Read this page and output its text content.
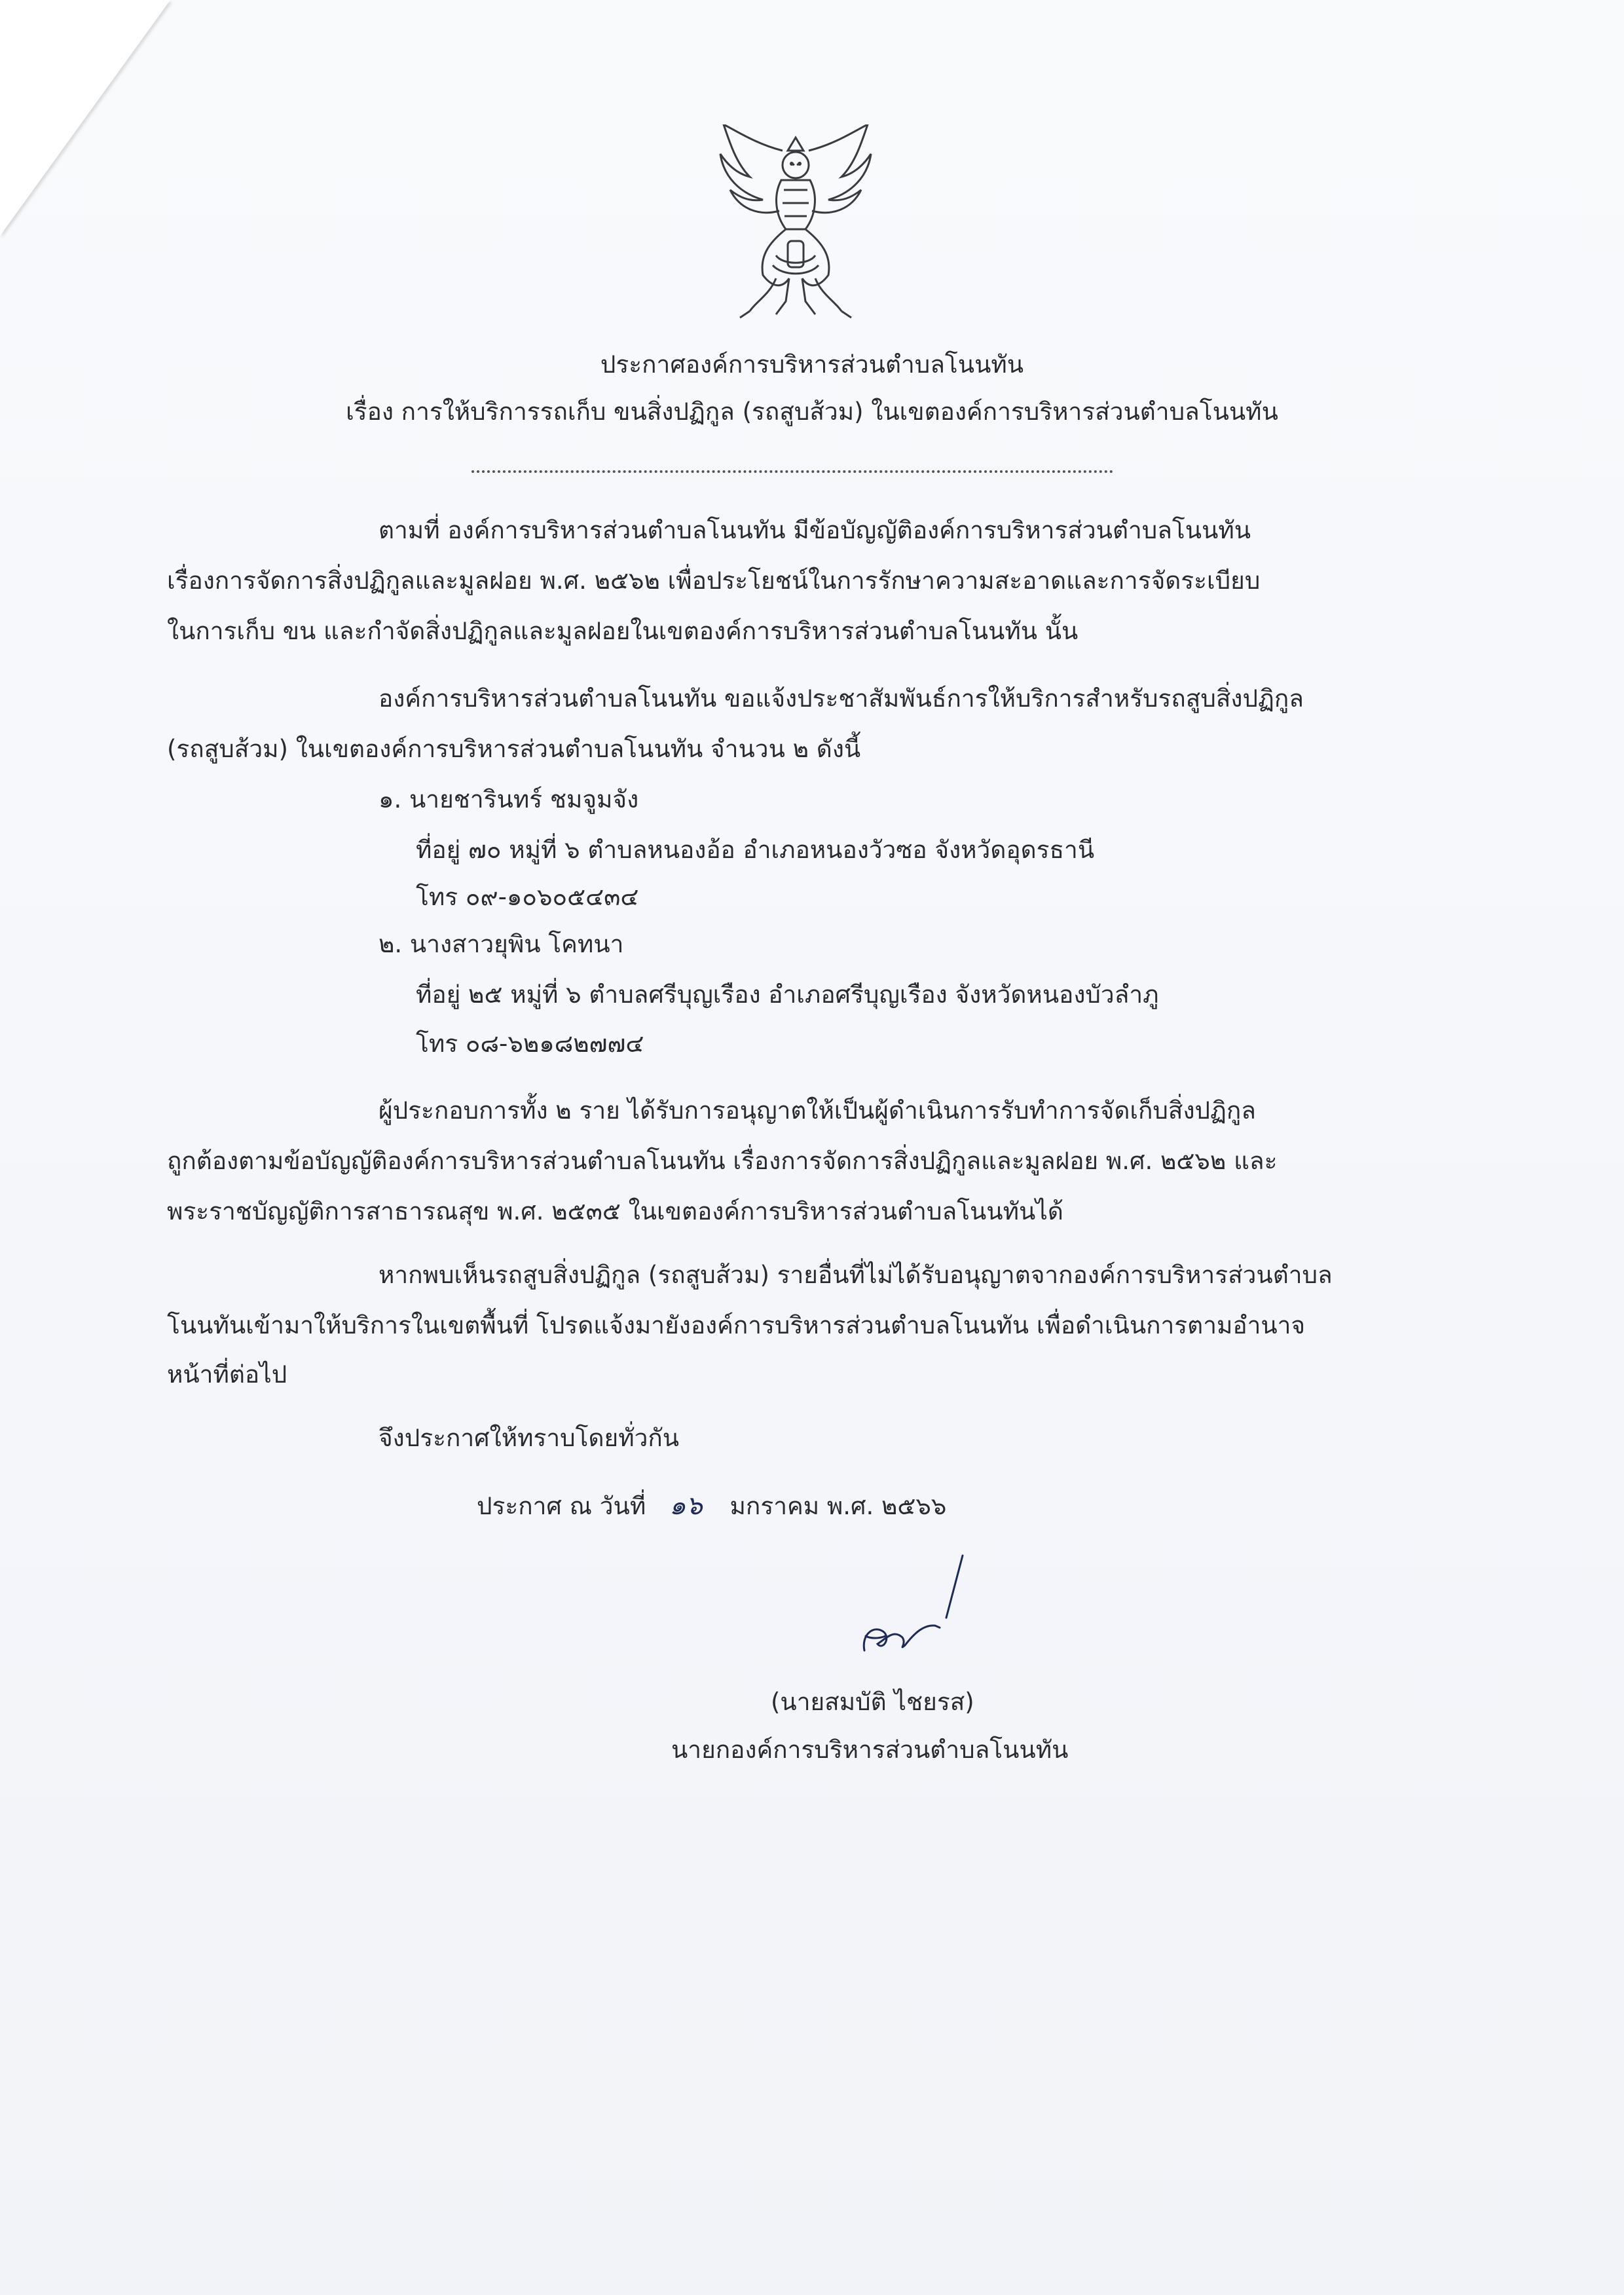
ประกาศองค์การบริหารส่วนตำบลโนนทัน
เรื่อง การให้บริการรถเก็บ ขนสิ่งปฏิกูล (รถสูบส้วม) ในเขตองค์การบริหารส่วนตำบลโนนทัน
ตามที่ องค์การบริหารส่วนตำบลโนนทัน มีข้อบัญญัติองค์การบริหารส่วนตำบลโนนทัน
เรื่องการจัดการสิ่งปฏิกูลและมูลฝอย พ.ศ. ๒๕๖๒ เพื่อประโยชน์ในการรักษาความสะอาดและการจัดระเบียบ
ในการเก็บ ขน และกำจัดสิ่งปฏิกูลและมูลฝอยในเขตองค์การบริหารส่วนตำบลโนนทัน นั้น
องค์การบริหารส่วนตำบลโนนทัน ขอแจ้งประชาสัมพันธ์การให้บริการสำหรับรถสูบสิ่งปฏิกูล
(รถสูบส้วม) ในเขตองค์การบริหารส่วนตำบลโนนทัน จำนวน ๒ ดังนี้
๑. นายชารินทร์ ชมจูมจัง
ที่อยู่ ๗๐ หมู่ที่ ๖ ตำบลหนองอ้อ อำเภอหนองวัวซอ จังหวัดอุดรธานี
โทร ๐๙-๑๐๖๐๕๔๓๔
๒. นางสาวยุพิน โคทนา
ที่อยู่ ๒๕ หมู่ที่ ๖ ตำบลศรีบุญเรือง อำเภอศรีบุญเรือง จังหวัดหนองบัวลำภู
โทร ๐๘-๖๒๑๘๒๗๗๔
ผู้ประกอบการทั้ง ๒ ราย ได้รับการอนุญาตให้เป็นผู้ดำเนินการรับทำการจัดเก็บสิ่งปฏิกูล
ถูกต้องตามข้อบัญญัติองค์การบริหารส่วนตำบลโนนทัน เรื่องการจัดการสิ่งปฏิกูลและมูลฝอย พ.ศ. ๒๕๖๒ และ
พระราชบัญญัติการสาธารณสุข พ.ศ. ๒๕๓๕ ในเขตองค์การบริหารส่วนตำบลโนนทันได้
หากพบเห็นรถสูบสิ่งปฏิกูล (รถสูบส้วม) รายอื่นที่ไม่ได้รับอนุญาตจากองค์การบริหารส่วนตำบล
โนนทันเข้ามาให้บริการในเขตพื้นที่ โปรดแจ้งมายังองค์การบริหารส่วนตำบลโนนทัน เพื่อดำเนินการตามอำนาจ
หน้าที่ต่อไป
จึงประกาศให้ทราบโดยทั่วกัน
ประกาศ ณ วันที่ ๑๖ มกราคม พ.ศ. ๒๕๖๖
(นายสมบัติ ไชยรส)
นายกองค์การบริหารส่วนตำบลโนนทัน
